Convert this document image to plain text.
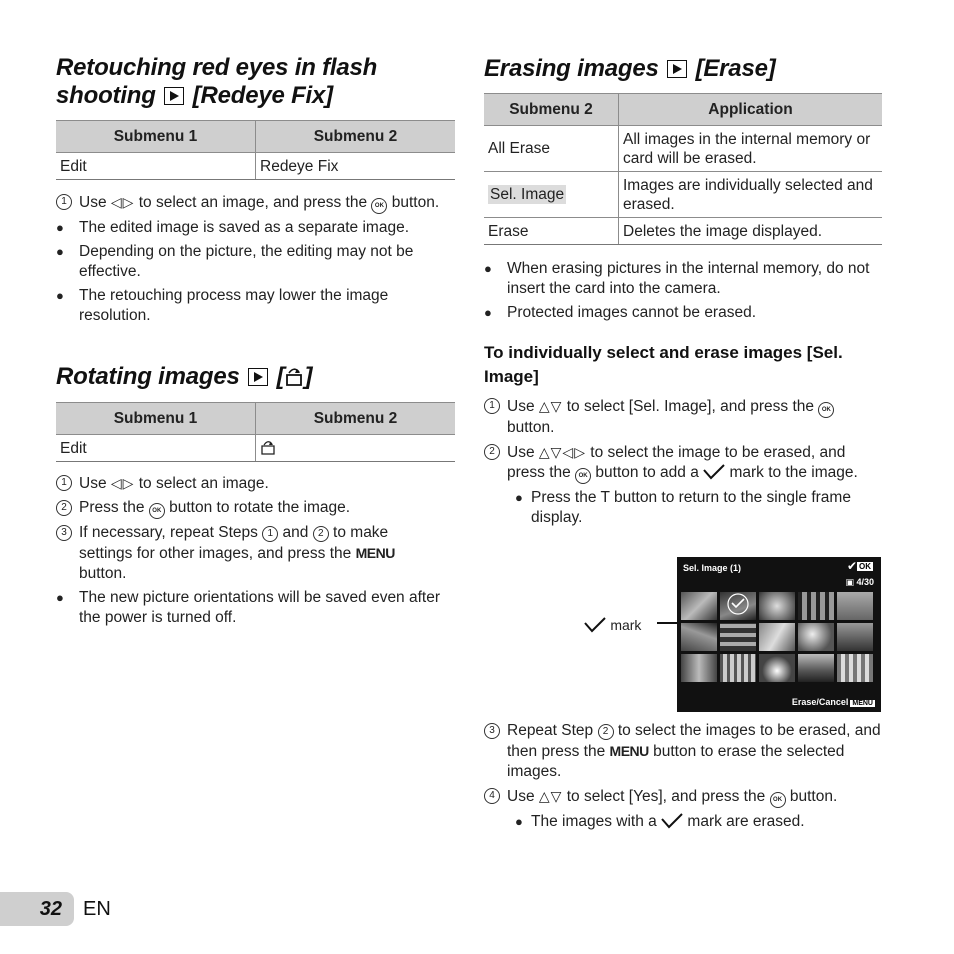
Retouching red eyes in flash
shooting [Redeye Fix]
Submenu 1	Submenu 2
Edit	Redeye Fix
1 Use ◁▷ to select an image, and press the OK button.
● The edited image is saved as a separate image.
● Depending on the picture, the editing may not be effective.
● The retouching process may lower the image resolution.
Rotating images [ ]
Submenu 1	Submenu 2
Edit	
1 Use ◁▷ to select an image.
2 Press the OK button to rotate the image.
3 If necessary, repeat Steps 1 and 2 to make settings for other images, and press the MENU button.
● The new picture orientations will be saved even after the power is turned off.
Erasing images [Erase]
Submenu 2	Application
All Erase	All images in the internal memory or card will be erased.
Sel. Image	Images are individually selected and erased.
Erase	Deletes the image displayed.
● When erasing pictures in the internal memory, do not insert the card into the camera.
● Protected images cannot be erased.
To individually select and erase images [Sel. Image]
1 Use △▽ to select [Sel. Image], and press the OK button.
2 Use △▽◁▷ to select the image to be erased, and press the OK button to add a mark to the image.
● Press the T button to return to the single frame display.
mark
3 Repeat Step 2 to select the images to be erased, and then press the MENU button to erase the selected images.
4 Use △▽ to select [Yes], and press the OK button.
● The images with a mark are erased.
Sel. Image (1)	✔ OK
▣ 4/30
Erase/Cancel MENU
32	EN
